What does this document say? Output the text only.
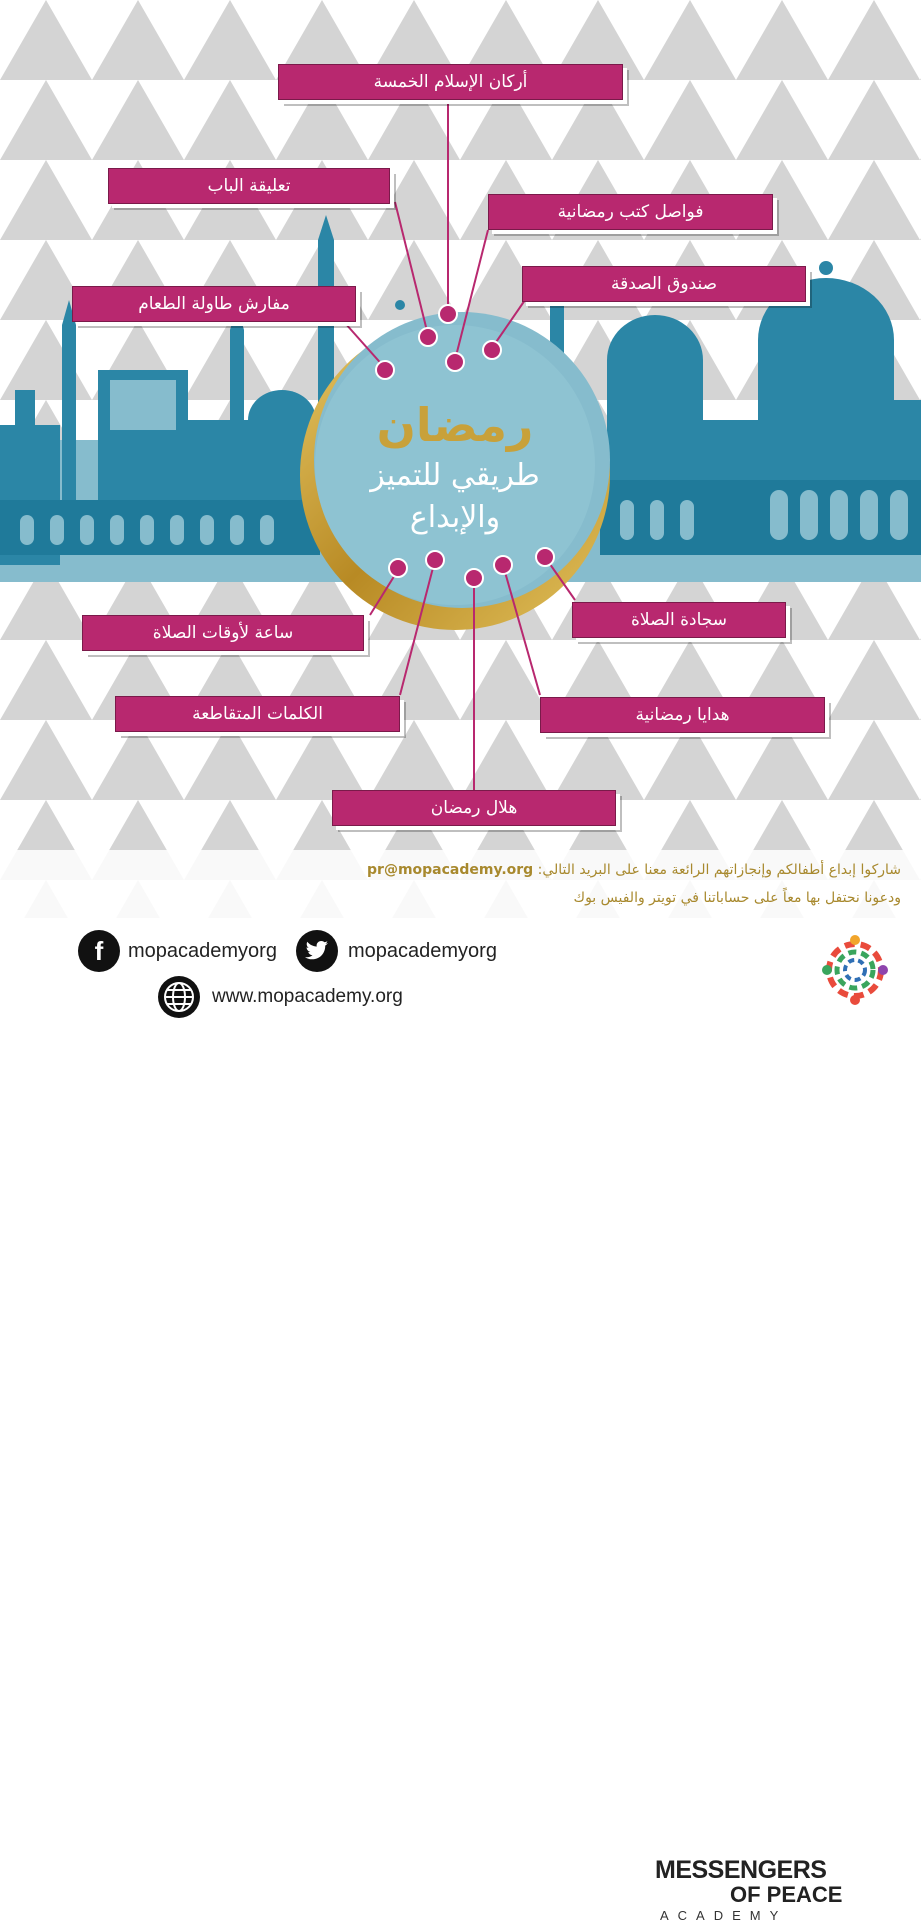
رمضان
طريقي للتميز
والإبداع
أركان الإسلام الخمسة
تعليقة الباب
فواصل كتب رمضانية
صندوق الصدقة
مفارش طاولة الطعام
سجادة الصلاة
ساعة لأوقات الصلاة
الكلمات المتقاطعة	هدايا رمضانية
هلال رمضان
شاركوا إبداع أطفالكم وإنجازاتهم الرائعة معنا على البريد التالي: pr@mopacademy.org
ودعونا نحتفل بها معاً على حساباتنا في تويتر والفيس بوك
f	mopacademyorg	mopacademyorg
www.mopacademy.org
MESSENGERS
OF PEACE
ACADEMY
